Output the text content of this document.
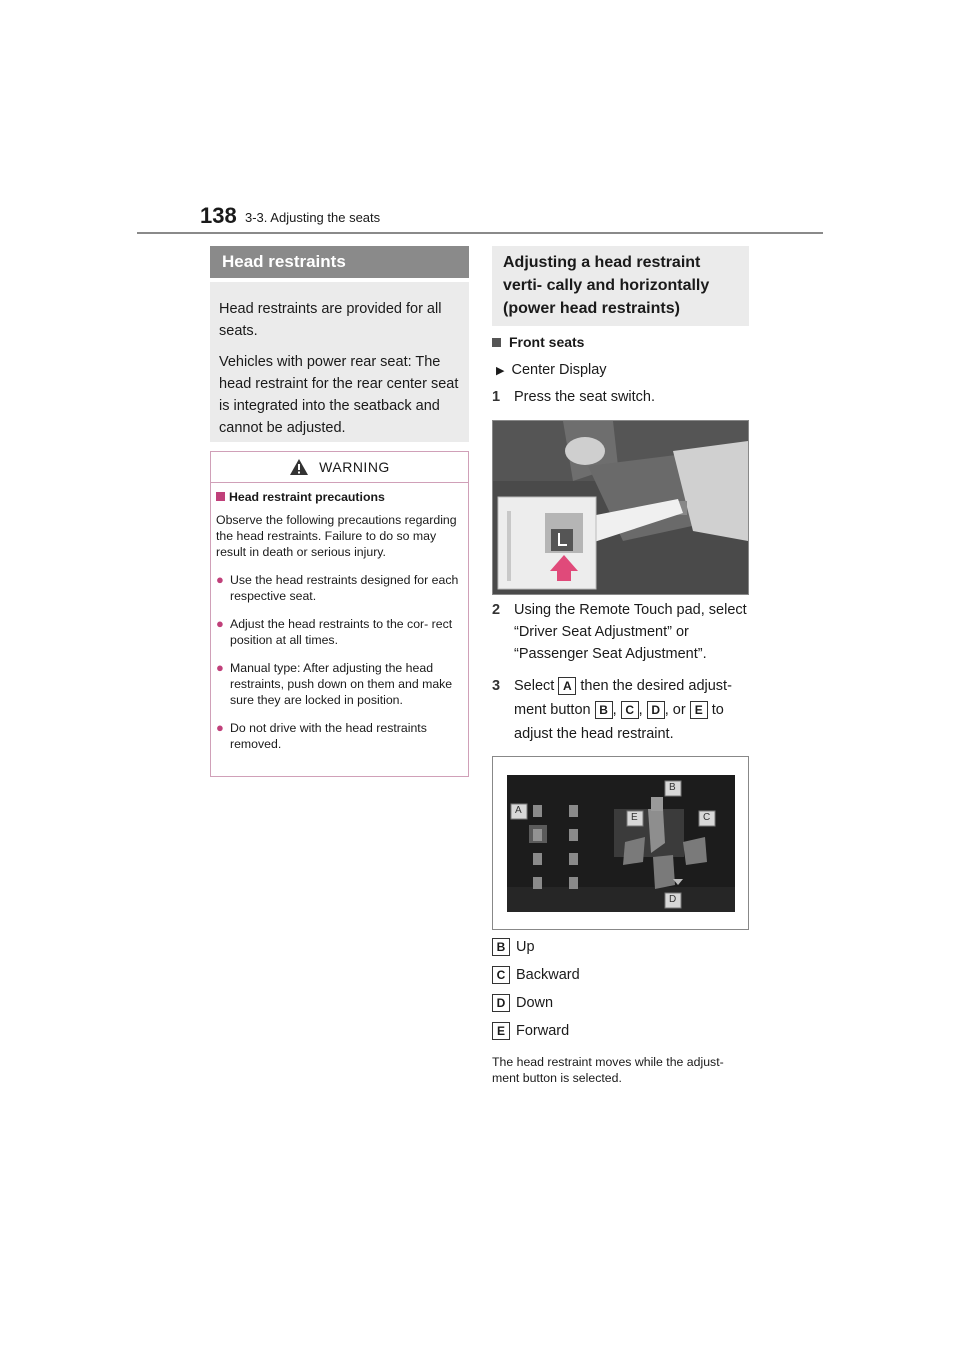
138 3-3. Adjusting the seats
Head restraints

Head restraints are provided for all seats.

Vehicles with power rear seat: The head restraint for the rear center seat is integrated into the seatback and cannot be adjusted.

WARNING
Head restraint precautions
Observe the following precautions regarding the head restraints. Failure to do so may result in death or serious injury.
● Use the head restraints designed for each respective seat.
● Adjust the head restraints to the cor- rect position at all times.
● Manual type: After adjusting the head restraints, push down on them and make sure they are locked in position.
● Do not drive with the head restraints removed.
Adjusting a head restraint verti- cally and horizontally (power head restraints)
Front seats
▶ Center Display
1 Press the seat switch.
2 Using the Remote Touch pad, select “Driver Seat Adjustment” or “Passenger Seat Adjustment”.
3 Select A then the desired adjust- ment button B , C , D , or E to adjust the head restraint.
B
A
E	C
D
B Up
C Backward
D Down
E Forward
The head restraint moves while the adjust- ment button is selected.
